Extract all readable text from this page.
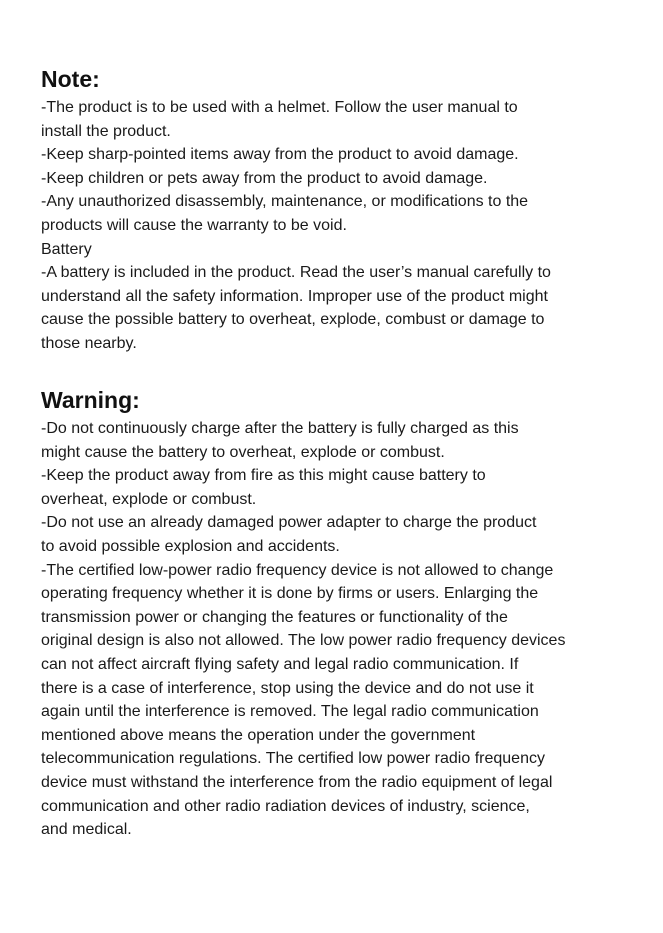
Note:

-The product is to be used with a helmet. Follow the user manual to
install the product.
-Keep sharp-pointed items away from the product to avoid damage.
-Keep children or pets away from the product to avoid damage.
-Any unauthorized disassembly, maintenance, or modifications to the
products will cause the warranty to be void.
Battery
-A battery is included in the product. Read the user’s manual carefully to
understand all the safety information. Improper use of the product might
cause the possible battery to overheat, explode, combust or damage to
those nearby.

Warning:

-Do not continuously charge after the battery is fully charged as this
might cause the battery to overheat, explode or combust.
-Keep the product away from fire as this might cause battery to
overheat, explode or combust.
-Do not use an already damaged power adapter to charge the product
to avoid possible explosion and accidents.
-The certified low-power radio frequency device is not allowed to change
operating frequency whether it is done by firms or users. Enlarging the
transmission power or changing the features or functionality of the
original design is also not allowed. The low power radio frequency devices
can not affect aircraft flying safety and legal radio communication. If
there is a case of interference, stop using the device and do not use it
again until the interference is removed. The legal radio communication
mentioned above means the operation under the government
telecommunication regulations. The certified low power radio frequency
device must withstand the interference from the radio equipment of legal
communication and other radio radiation devices of industry, science,
and medical.
